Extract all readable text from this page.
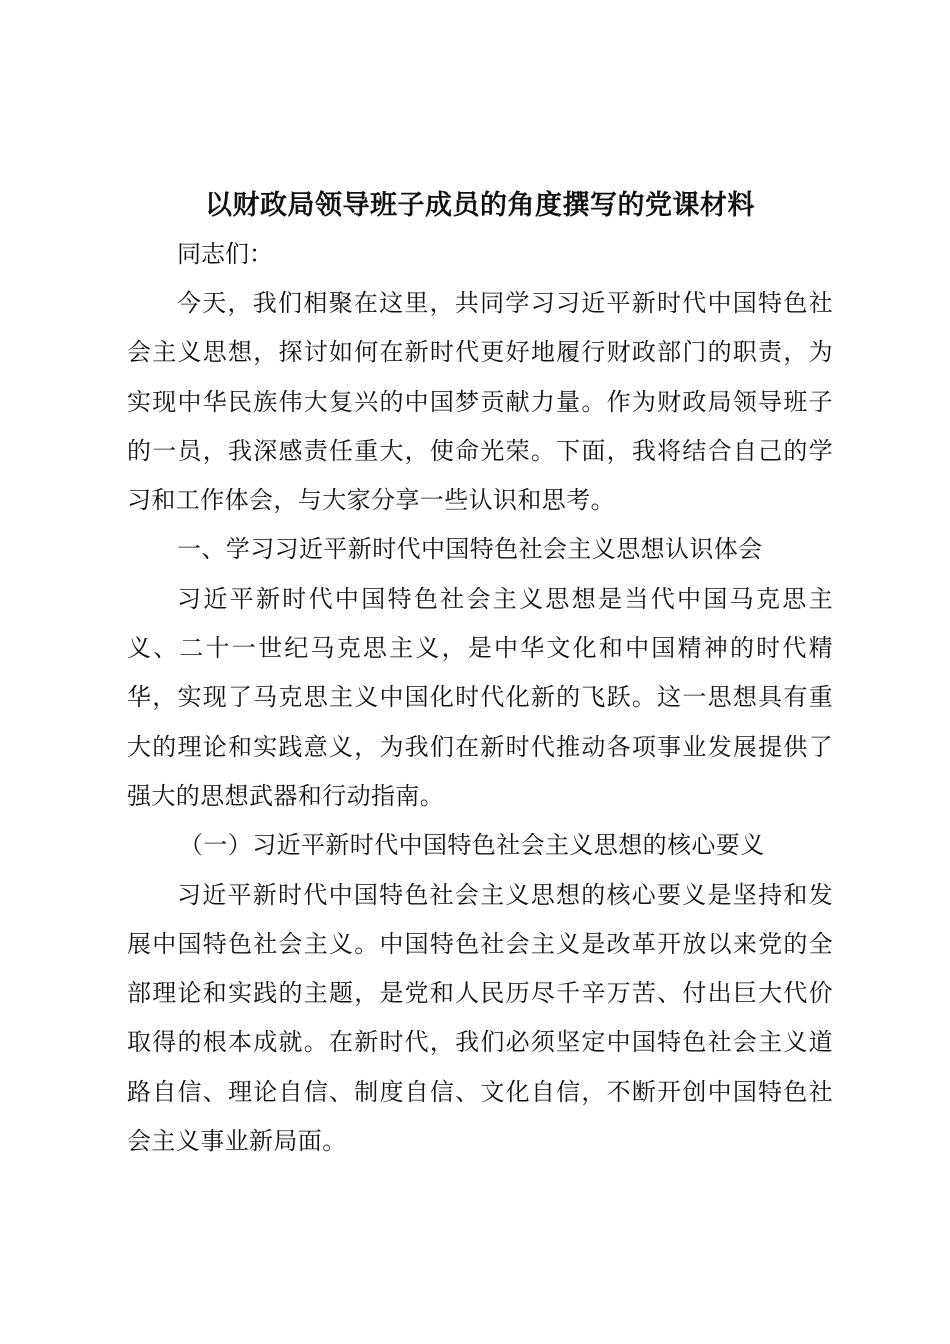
以财政局领导班子成员的角度撰写的党课材料

同志们：

今天，我们相聚在这里，共同学习习近平新时代中国特色社会主义思想，探讨如何在新时代更好地履行财政部门的职责，为实现中华民族伟大复兴的中国梦贡献力量。作为财政局领导班子的一员，我深感责任重大，使命光荣。下面，我将结合自己的学习和工作体会，与大家分享一些认识和思考。

一、学习习近平新时代中国特色社会主义思想认识体会

习近平新时代中国特色社会主义思想是当代中国马克思主义、二十一世纪马克思主义，是中华文化和中国精神的时代精华，实现了马克思主义中国化时代化新的飞跃。这一思想具有重大的理论和实践意义，为我们在新时代推动各项事业发展提供了强大的思想武器和行动指南。

（一）习近平新时代中国特色社会主义思想的核心要义

习近平新时代中国特色社会主义思想的核心要义是坚持和发展中国特色社会主义。中国特色社会主义是改革开放以来党的全部理论和实践的主题，是党和人民历尽千辛万苦、付出巨大代价取得的根本成就。在新时代，我们必须坚定中国特色社会主义道路自信、理论自信、制度自信、文化自信，不断开创中国特色社会主义事业新局面。
